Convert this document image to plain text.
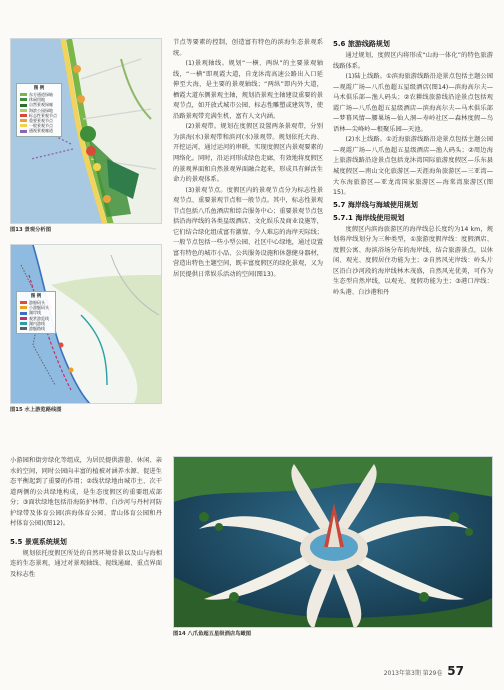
图 例
东方通道绿轴
休闲用地
自然景观绿廊
海滨公园绿地
标志性景观节点
重要景观节点
一般景观节点
通视景观廊道
图13 景观分析图
图 例
游船码头
小游艇码头
湖岸线
观赏游览线
湖内游线
游艇路线
图15 水上游览路线图

节点等要素的控制，创造富有特色的滨海生态景观系统。

(1)景观轴线。规划“一横、两纵”的主要景观轴线，“一横”即观霞大道，自龙沐湾高速公路出入口延伸至大海，是主要的景观轴线；“两纵”即内外大道，栖霞大道东侧景观主轴，规划沿景观主轴建设重要的景观节点，如开放式城市公园、标志性雕塑或建筑等，使沿路景观带充满生机，富有人文内涵。

(2)景观带。规划在度假区设置两条景观带，分别为滨海(水)景观带和滨河(水)景观带。规划依托大海、开挖运河，通过运河的串联，实现度假区内景观要素的网络化。同时，沿运河形成绿色走廊，有效地将度假区的景观界面和自然景观界面融合起来，形成具有鲜活生命力的景观体系。

(3)景观节点。度假区内的景观节点分为标志性景观节点、重要景观节点和一般节点。其中，标志性景观节点包括八爪鱼酒店和综合服务中心；重要景观节点包括沿海岸线的各类星级酒店、文化娱乐及商业设施等，它们结合绿化组成富有激情、令人难忘的海岸天际线；一般节点包括一些小型公园、社区中心绿地，通过设置富有特色的城市小品、公共服务设施和休憩健身器材，营造出特色主题空间，既丰富度假区的绿化景观，又为居民提供日常娱乐活动的空间(图13)。

5.6 旅游线路规划

通过规划，度假区内将形成“山海一体化”的特色旅游线路体系。

(1)陆上线路。①滨海旅游线路沿途景点包括主题公园—观霞广场—八爪鱼超五星级酒店(图14)—滨海高尔夫—马术俱乐部—渔人码头；②农耕线旅游线沿途景点包括观霞广场—八爪鱼超五星级酒店—滨海高尔夫—马术俱乐部—梦幕风情—腰果场—仙人洞—寿岭社区—森林度假—鸟语林—尖峰岭—根聚乐园—天池。

(2)水上线路。①近海旅游线路沿途景点包括主题公园—观霞广场—八爪鱼超五星级酒店—渔人码头；②周边海上旅游线路沿途景点包括龙沐湾国际旅游度假区—乐东县城度假区—南山文化旅游区—天涯海角旅游区—三亚湾—大东海旅游区—亚龙湾国家旅游区—海棠湾旅游区(图15)。

5.7 海岸线与海域使用规划
5.7.1 海岸线使用规划

度假区内滨海旅游区的海岸线总长度约为14 km，规划将岸线划分为三种类型，①旅游度假岸线：度假酒店、度假公寓、海滨浴场分布的海岸线，结合旅游景点，以休闲、观光、度假居住功能为主；②自然风光岸线：岭头片区沿白沙河段的海岸线林木茂盛，自然风光优美，可作为生态型自然岸线，以观光、度假功能为主；③港口岸线：岭头港、白沙港和丹

小游园和街旁绿化等组成，为居民提供游憩、休闲、亲水的空间，同时公园向丰富的植被对涵养水源、促进生态平衡起到了重要的作用；②线状绿地由城市主、次干道两侧的公共绿地构成，是生态度假区的重要组成部分；③面状绿地包括沿海防护林带、白沙河与丹村河防护绿带及体育公园(滨海体育公园、青山体育公园和丹村体育公园)(图12)。

5.5 景观系统规划

规划依托度假区所处的自然环境背景以及山与海相连的生态景观，通过对景观轴线、视线通廊、重点界面及标志性

图14 八爪鱼超五星级酒店鸟瞰图
2013年第3期 第29卷 57
